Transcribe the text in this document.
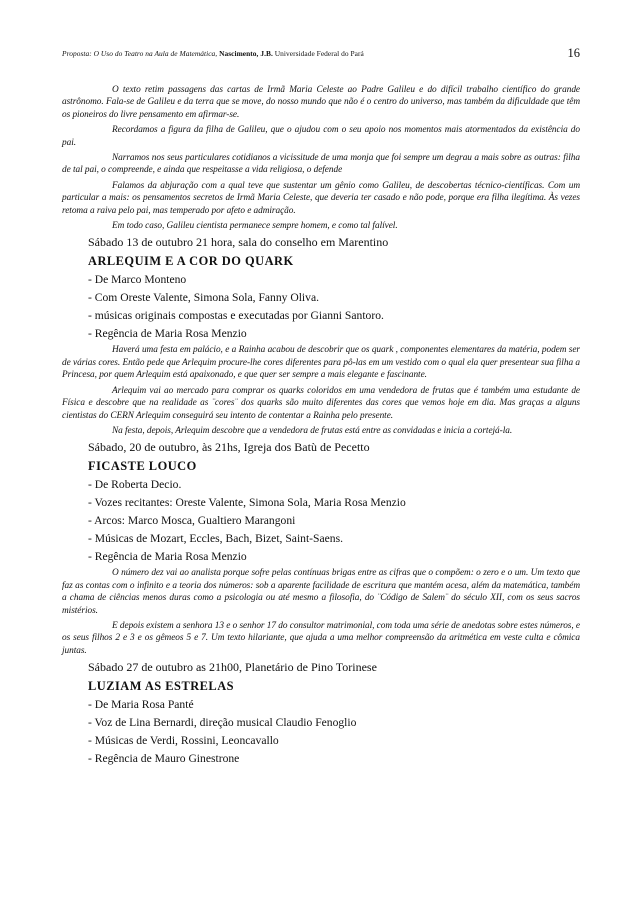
Proposta: O Uso do Teatro na Aula de Matemática, Nascimento, J.B. Universidade Federal do Pará	16

O texto retim passagens das cartas de Irmã Maria Celeste ao Padre Galileu e do difícil trabalho científico do grande astrônomo. Fala-se de Galileu e da terra que se move, do nosso mundo que não é o centro do universo, mas também da dificuldade que têm os pioneiros do livre pensamento em afirmar-se.

Recordamos a figura da filha de Galileu, que o ajudou com o seu apoio nos momentos mais atormentados da existência do pai.

Narramos nos seus particulares cotidianos a vicissitude de uma monja que foi sempre um degrau a mais sobre as outras: filha de tal pai, o compreende, e ainda que respeitasse a vida religiosa, o defende

Falamos da abjuração com a qual teve que sustentar um gênio como Galileu, de descobertas técnico-científicas. Com um particular a mais: os pensamentos secretos de Irmã Maria Celeste, que deveria ter casado e não pode, porque era filha ilegítima. Às vezes retoma a raiva pelo pai, mas temperado por afeto e admiração.

Em todo caso, Galileu cientista permanece sempre homem, e como tal falível.

Sábado 13 de outubro 21 hora, sala do conselho em Marentino
ARLEQUIM E A COR DO QUARK
- De Marco Monteno
- Com Oreste Valente, Simona Sola, Fanny Oliva.
- músicas originais compostas e executadas por Gianni Santoro.
- Regência de Maria Rosa Menzio

Haverá uma festa em palácio, e a Rainha acabou de descobrir que os quark , componentes elementares da matéria, podem ser de várias cores. Então pede que Arlequim procure-lhe cores diferentes para pô-las em um vestido com o qual ela quer presentear sua filha a Princesa, por quem Arlequim está apaixonado, e que quer ser sempre a mais elegante e fascinante.

Arlequim vai ao mercado para comprar os quarks coloridos em uma vendedora de frutas que é também uma estudante de Física e descobre que na realidade as ¨cores¨ dos quarks são muito diferentes das cores que vemos hoje em dia. Mas graças a alguns cientistas do CERN Arlequim conseguirá seu intento de contentar a Rainha pelo presente.

Na festa, depois, Arlequim descobre que a vendedora de frutas está entre as convidadas e inicia a cortejá-la.

Sábado, 20 de outubro, às 21hs, Igreja dos Batù de Pecetto
FICASTE LOUCO
- De Roberta Decio.
- Vozes recitantes: Oreste Valente, Simona Sola, Maria Rosa Menzio
- Arcos: Marco Mosca, Gualtiero Marangoni
- Músicas de Mozart, Eccles, Bach, Bizet, Saint-Saens.
- Regência de Maria Rosa Menzio

O número dez vai ao analista porque sofre pelas contínuas brigas entre as cifras que o compõem: o zero e o um. Um texto que faz as contas com o infinito e a teoria dos números: sob a aparente facilidade de escritura que mantém acesa, além da matemática, também a chama de ciências menos duras como a psicologia ou até mesmo a filosofia, do ¨Código de Salem¨ do século XII, com os seus sacros mistérios.

E depois existem a senhora 13 e o senhor 17 do consultor matrimonial, com toda uma série de anedotas sobre estes números, e os seus filhos 2 e 3 e os gêmeos 5 e 7. Um texto hilariante, que ajuda a uma melhor compreensão da aritmética em veste culta e cômica juntas.

Sábado 27 de outubro as 21h00, Planetário de Pino Torinese
LUZIAM AS ESTRELAS
- De Maria Rosa Panté
- Voz de Lina Bernardi, direção musical Claudio Fenoglio
- Músicas de Verdi, Rossini, Leoncavallo
- Regência de Mauro Ginestrone
